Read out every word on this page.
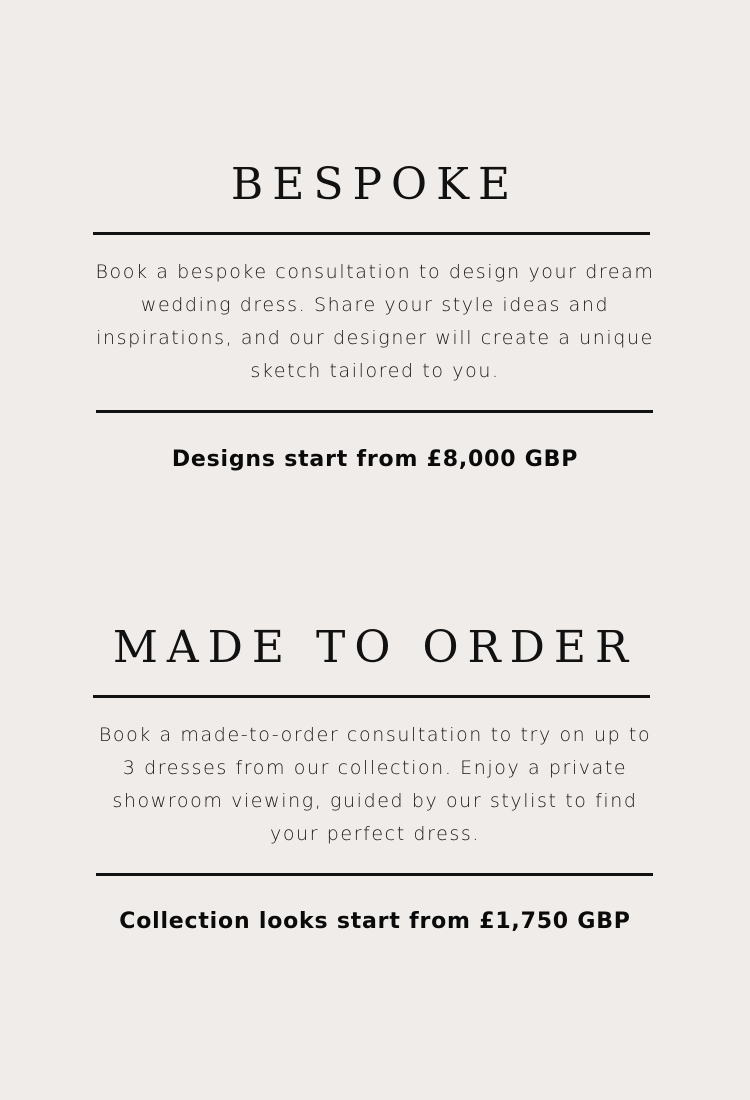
BESPOKE

Book a bespoke consultation to design your dream wedding dress. Share your style ideas and inspirations, and our designer will create a unique sketch tailored to you.

Designs start from £8,000 GBP

MADE TO ORDER

Book a made-to-order consultation to try on up to 3 dresses from our collection. Enjoy a private showroom viewing, guided by our stylist to find your perfect dress.

Collection looks start from £1,750 GBP
